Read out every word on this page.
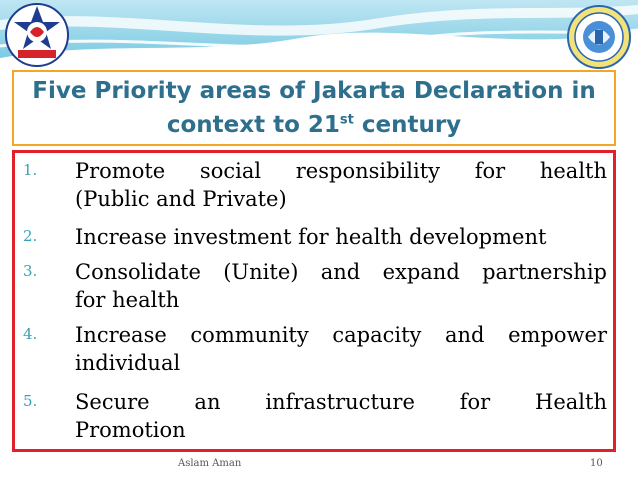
Five Priority areas of Jakarta Declaration in
context to 21st century

1. Promote social responsibility for health
(Public and Private)
2. Increase investment for health development
3. Consolidate (Unite) and expand partnership
for health
4. Increase community capacity and empower
individual
5. Secure an infrastructure for Health
Promotion
Aslam Aman	10
